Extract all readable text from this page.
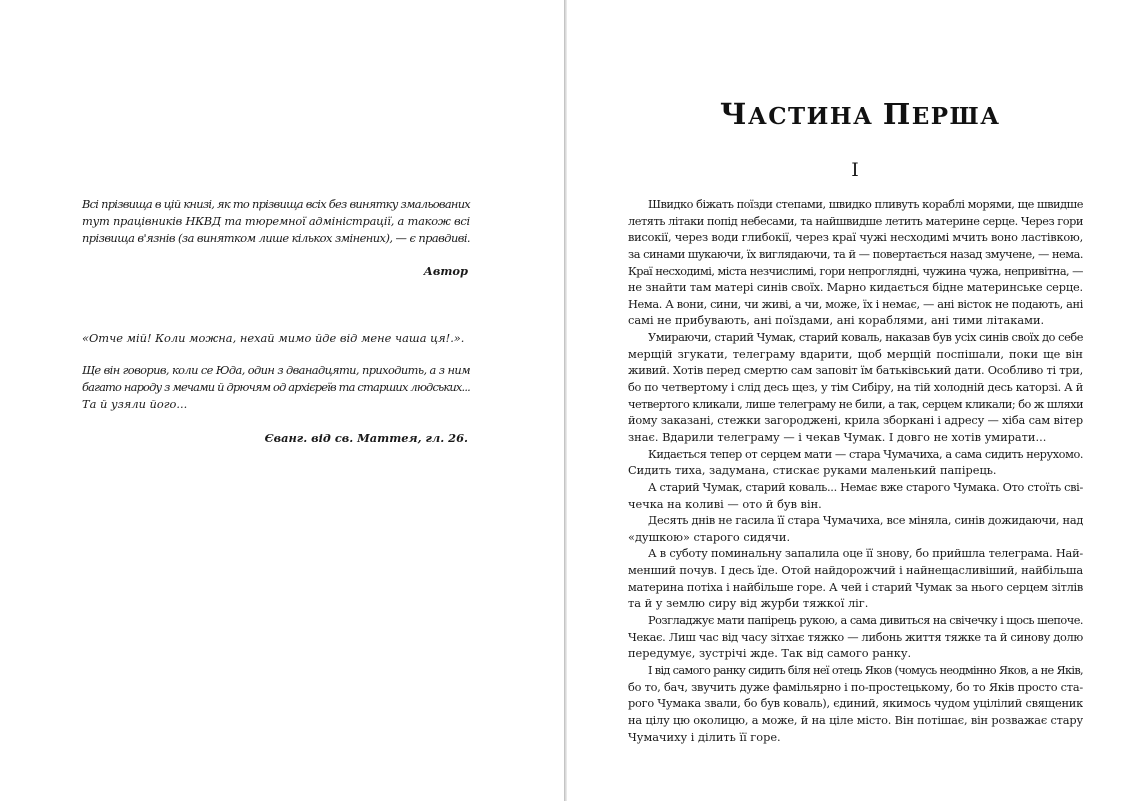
Всі прізвища в цій книзі, як то прізвища всіх без винятку змальованих
тут працівників НКВД та тюремної адміністрації, а також всі
прізвища в'язнів (за винятком лише кількох змінених), — є правдиві.
Автор
«Отче мій! Коли можна, нехай мимо йде від мене чаша ця!.».
Ще він говорив, коли се Юда, один з дванадцяти, приходить, а з ним
багато народу з мечами й дрючям од архієреїв та старших людських...
Та й узяли його...
Єванг. від св. Маттея, гл. 26.
ЧАСТИНА ПЕРША
I
Швидко біжать поїзди степами, швидко пливуть кораблі морями, ще швидше
летять літаки попід небесами, та найшвидше летить материне серце. Через гори
високії, через води глибокії, через краї чужі несходимі мчить воно ластівкою,
за синами шукаючи, їх виглядаючи, та й — повертається назад змучене, — нема.
Краї несходимі, міста незчислимі, гори непрогляднi, чужина чужа, непривітна, —
не знайти там матері синів своїх. Марно кидається бідне материнське серце.
Нема. А вони, сини, чи живі, а чи, може, їх і немає, — ані вісток не подають, ані
самі не прибувають, ані поїздами, ані кораблями, ані тими літаками.
Умираючи, старий Чумак, старий коваль, наказав був усіх синів своїх до себе
мерщій згукати, телеграму вдарити, щоб мерщій поспішали, поки ще він
живий. Хотів перед смертю сам заповіт їм батьківський дати. Особливо ті три,
бо по четвертому і слід десь щез, у тім Сибіру, на тій холодній десь каторзі. А й
четвертого кликали, лише телеграму не били, а так, серцем кликали; бо ж шляхи
йому заказані, стежки загороджені, крила зборкані і адресу — хіба сам вітер
знає. Вдарили телеграму — і чекав Чумак. І довго не хотів умирати...
Кидається тепер от серцем мати — стара Чумачиха, а сама сидить нерухомо.
Сидить тиха, задумана, стискає руками маленький папірець.
А старий Чумак, старий коваль... Немає вже старого Чумака. Ото стоїть сві-
чечка на коливі — ото й був він.
Десять днів не гасила її стара Чумачиха, все міняла, синів дожидаючи, над
«душкою» старого сидячи.
А в суботу поминальну запалила оце її знову, бо прийшла телеграма. Най-
менший почув. І десь їде. Отой найдорожчий і найнещасливіший, найбільша
материна потіха і найбільше горе. А чей і старий Чумак за нього серцем зітлів
та й у землю сиру від журби тяжкої ліг.
Розгладжує мати папірець рукою, а сама дивиться на свічечку і щось шепоче.
Чекає. Лиш час від часу зітхає тяжко — либонь життя тяжке та й синову долю
передумує, зустрічі жде. Так від самого ранку.
І від самого ранку сидить біля неї отець Яков (чомусь неодмінно Яков, а не Яків,
бо то, бач, звучить дуже фамільярно і по-простецькому, бо то Яків просто ста-
рого Чумака звали, бо був коваль), єдиний, якимось чудом уцілілий священик
на цілу цю околицю, а може, й на ціле місто. Він потішає, він розважає стару
Чумачиху і ділить її горе.
